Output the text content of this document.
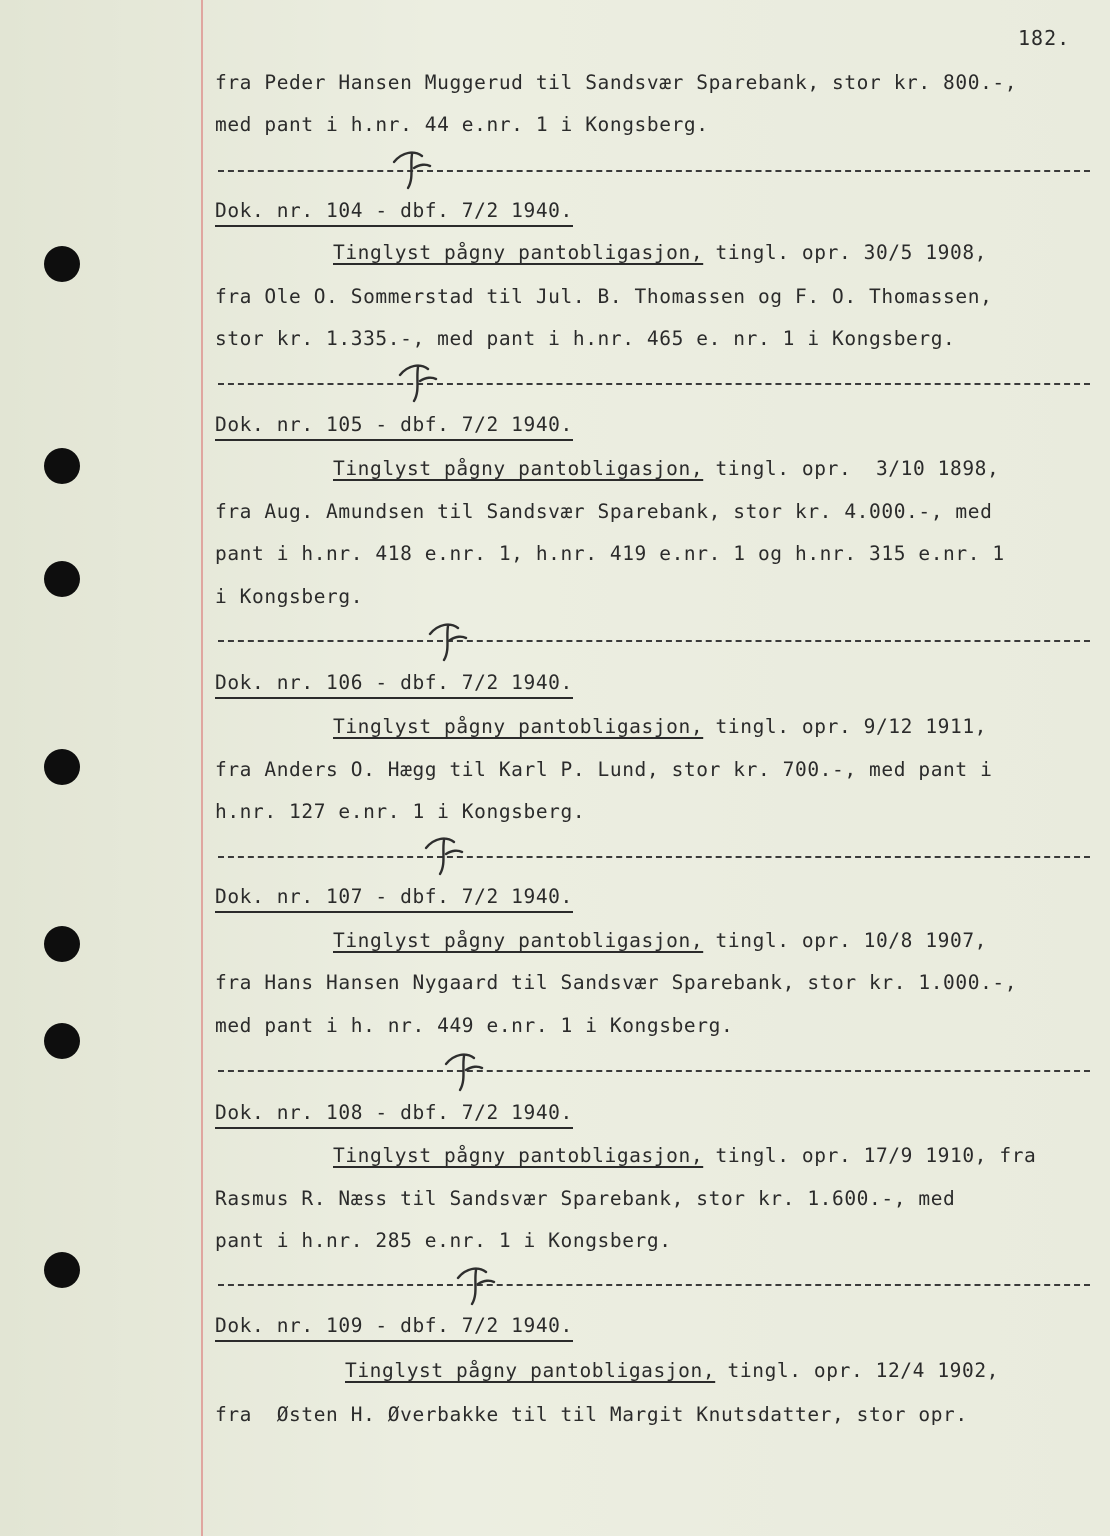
182.
fra Peder Hansen Muggerud til Sandsvær Sparebank, stor kr. 800.-,
med pant i h.nr. 44 e.nr. 1 i Kongsberg.
Dok. nr. 104 - dbf. 7/2 1940.
Tinglyst pågny pantobligasjon, tingl. opr. 30/5 1908,
fra Ole O. Sommerstad til Jul. B. Thomassen og F. O. Thomassen,
stor kr. 1.335.-, med pant i h.nr. 465 e. nr. 1 i Kongsberg.
Dok. nr. 105 - dbf. 7/2 1940.
Tinglyst pågny pantobligasjon, tingl. opr.  3/10 1898,
fra Aug. Amundsen til Sandsvær Sparebank, stor kr. 4.000.-, med
pant i h.nr. 418 e.nr. 1, h.nr. 419 e.nr. 1 og h.nr. 315 e.nr. 1
i Kongsberg.
Dok. nr. 106 - dbf. 7/2 1940.
Tinglyst pågny pantobligasjon, tingl. opr. 9/12 1911,
fra Anders O. Hægg til Karl P. Lund, stor kr. 700.-, med pant i
h.nr. 127 e.nr. 1 i Kongsberg.
Dok. nr. 107 - dbf. 7/2 1940.
Tinglyst pågny pantobligasjon, tingl. opr. 10/8 1907,
fra Hans Hansen Nygaard til Sandsvær Sparebank, stor kr. 1.000.-,
med pant i h. nr. 449 e.nr. 1 i Kongsberg.
Dok. nr. 108 - dbf. 7/2 1940.
Tinglyst pågny pantobligasjon, tingl. opr. 17/9 1910, fra
Rasmus R. Næss til Sandsvær Sparebank, stor kr. 1.600.-, med
pant i h.nr. 285 e.nr. 1 i Kongsberg.
Dok. nr. 109 - dbf. 7/2 1940.
Tinglyst pågny pantobligasjon, tingl. opr. 12/4 1902,
fra  Østen H. Øverbakke til til Margit Knutsdatter, stor opr.
